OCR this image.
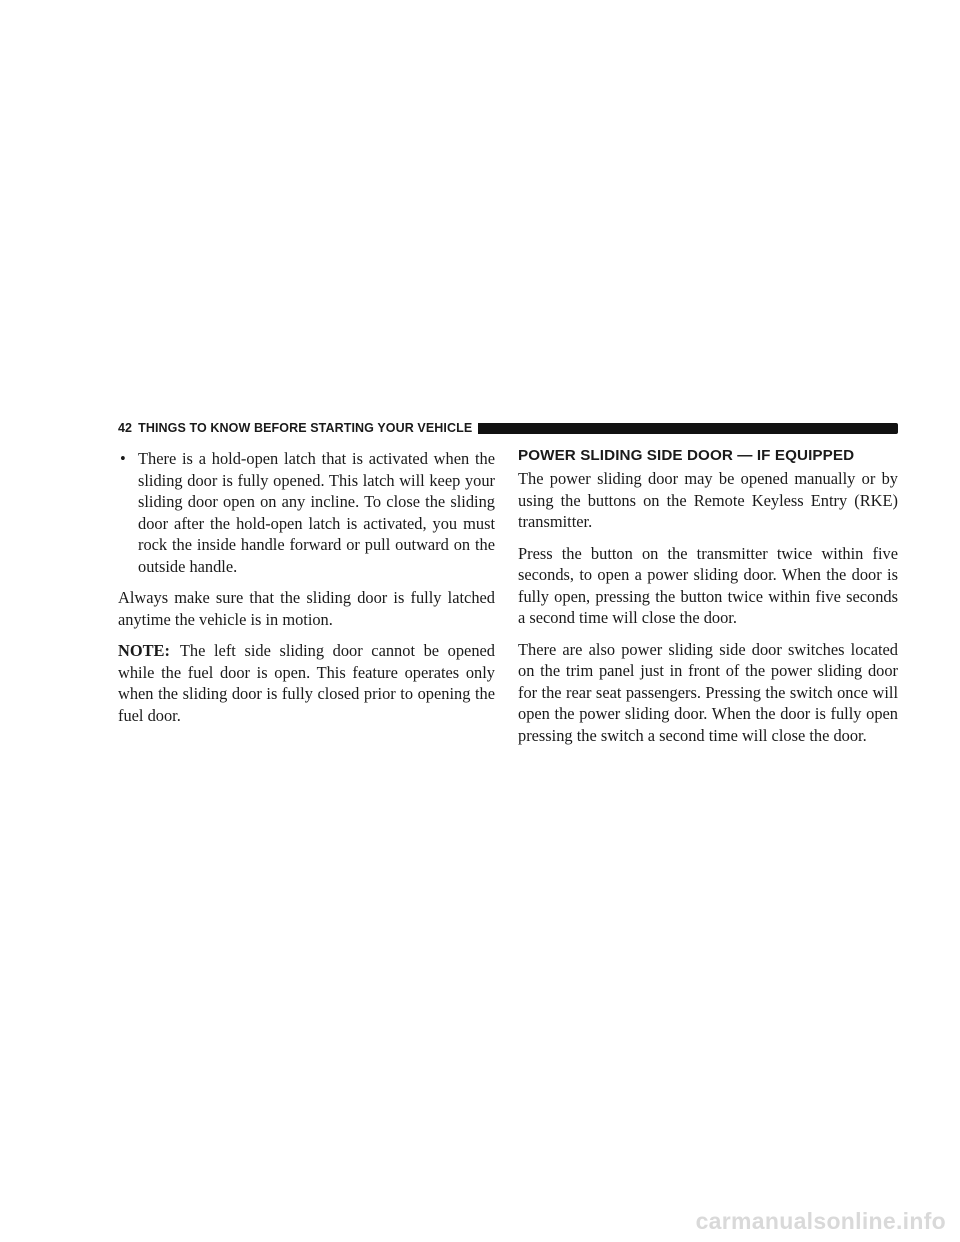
42 THINGS TO KNOW BEFORE STARTING YOUR VEHICLE
• There is a hold-open latch that is activated when the sliding door is fully opened. This latch will keep your sliding door open on any incline. To close the sliding door after the hold-open latch is activated, you must rock the inside handle forward or pull outward on the outside handle.

Always make sure that the sliding door is fully latched anytime the vehicle is in motion.

NOTE: The left side sliding door cannot be opened while the fuel door is open. This feature operates only when the sliding door is fully closed prior to opening the fuel door.

POWER SLIDING SIDE DOOR — IF EQUIPPED

The power sliding door may be opened manually or by using the buttons on the Remote Keyless Entry (RKE) transmitter.

Press the button on the transmitter twice within five seconds, to open a power sliding door. When the door is fully open, pressing the button twice within five seconds a second time will close the door.

There are also power sliding side door switches located on the trim panel just in front of the power sliding door for the rear seat passengers. Pressing the switch once will open the power sliding door. When the door is fully open pressing the switch a second time will close the door.

carmanualsonline.info
